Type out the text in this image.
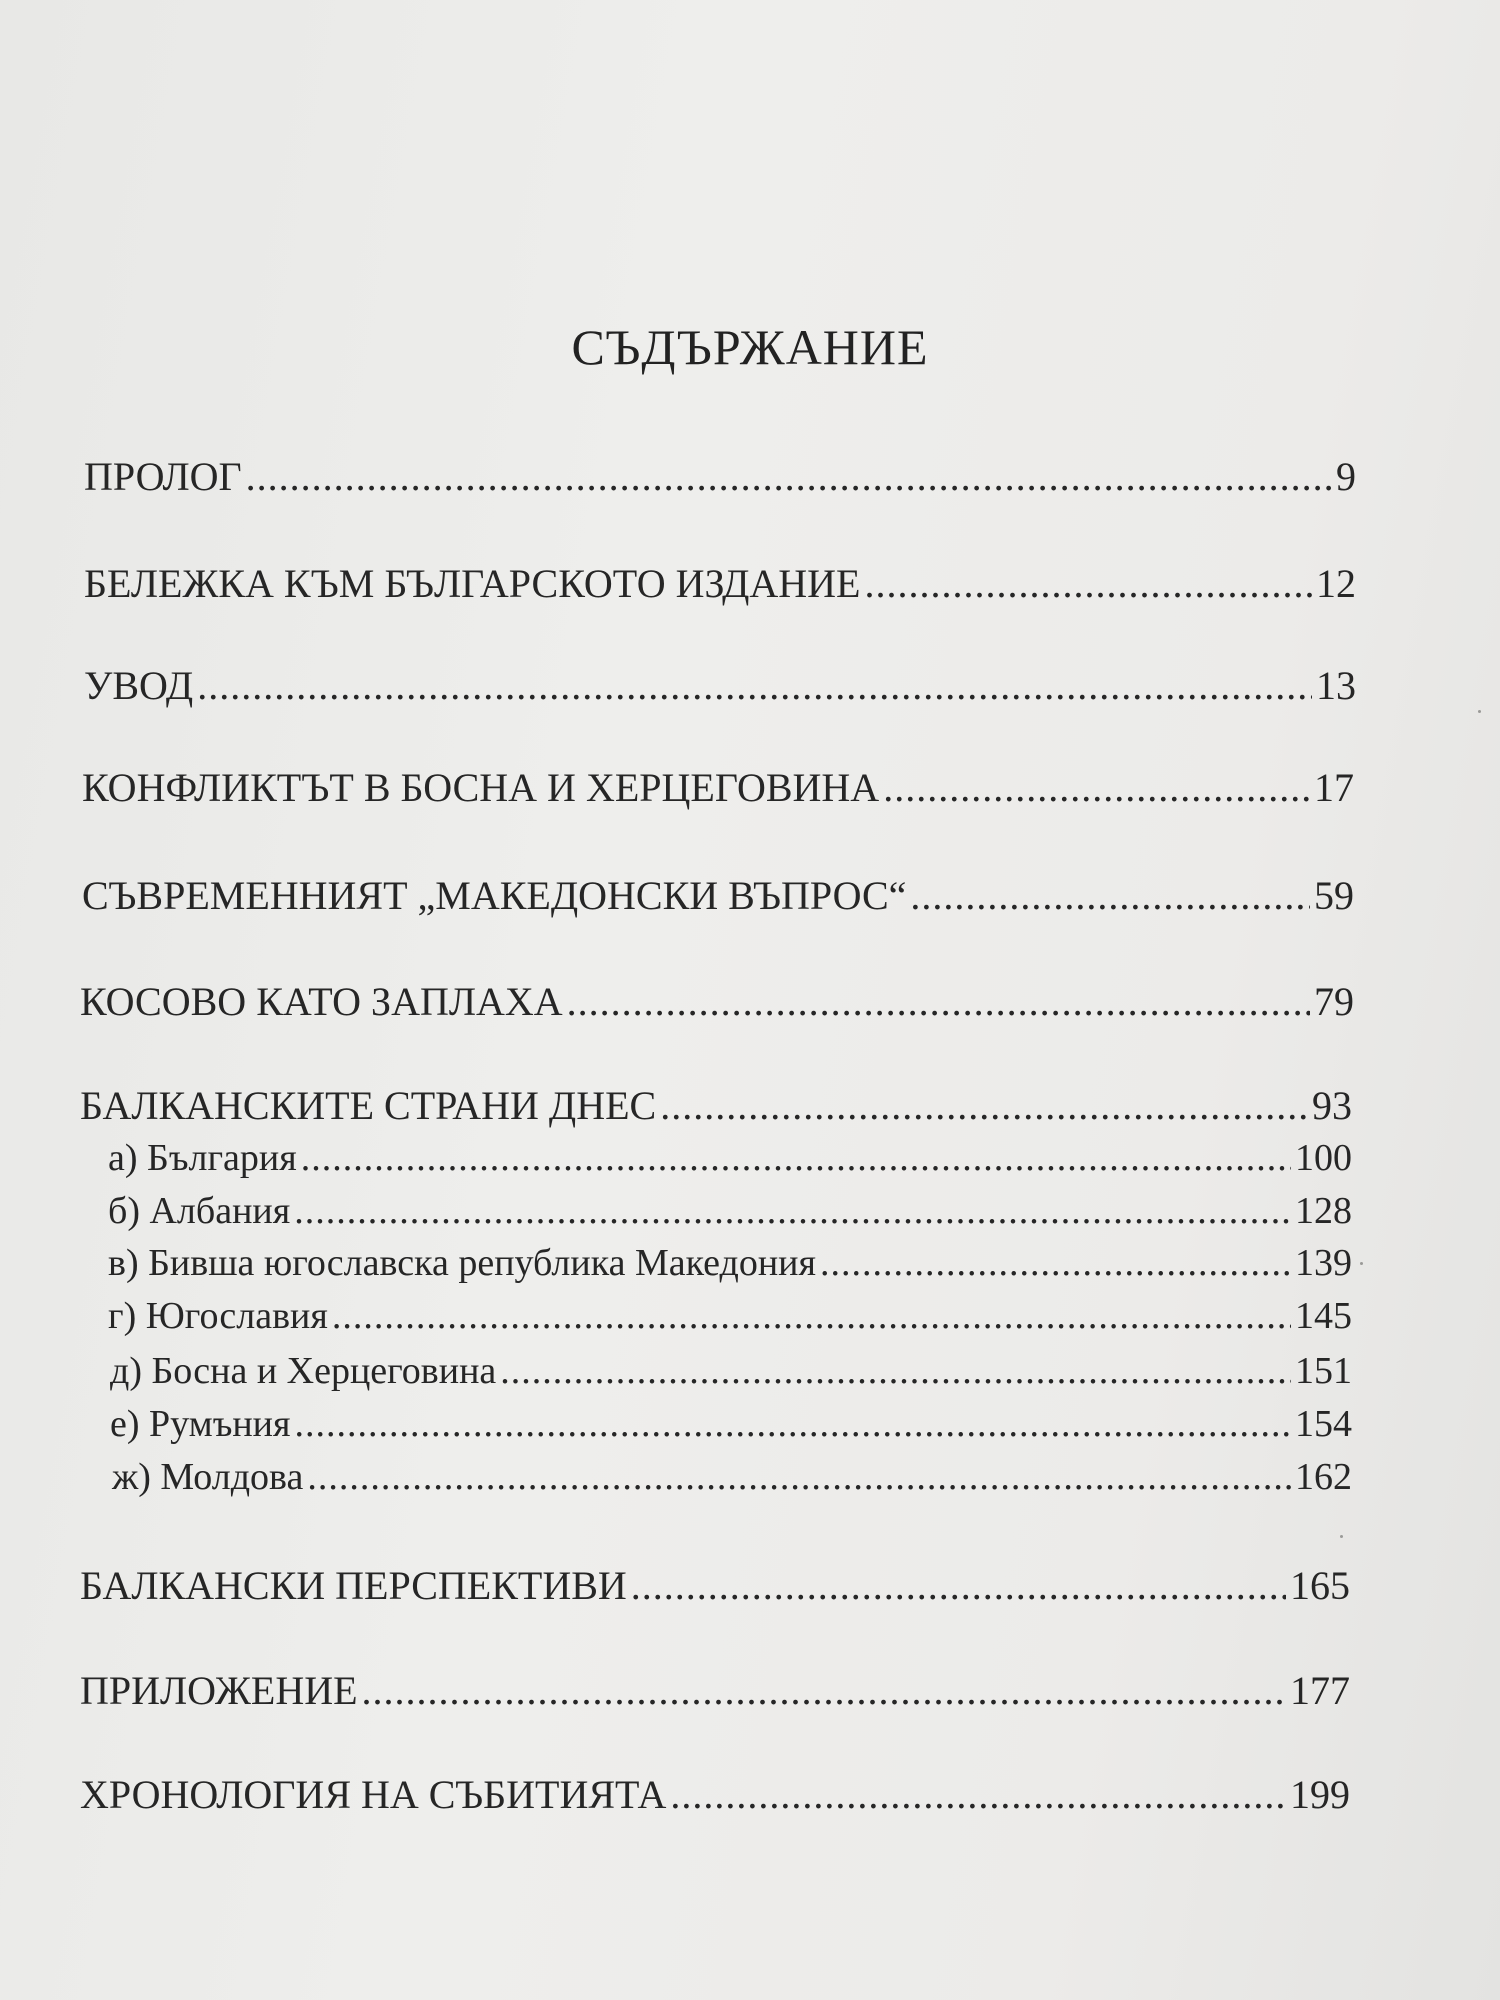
СЪДЪРЖАНИЕ
ПРОЛОГ .....	9
БЕЛЕЖКА КЪМ БЪЛГАРСКОТО ИЗДАНИЕ .....	12
УВОД .....	13
КОНФЛИКТЪТ В БОСНА И ХЕРЦЕГОВИНА .....	17
СЪВРЕМЕННИЯТ „МАКЕДОНСКИ ВЪПРОС“ .....	59
КОСОВО КАТО ЗАПЛАХА .....	79
БАЛКАНСКИТЕ СТРАНИ ДНЕС .....	93
а) България .....	100
б) Албания .....	128
в) Бивша югославска република Македония .....	139
г) Югославия .....	145
д) Босна и Херцеговина .....	151
е) Румъния .....	154
ж) Молдова .....	162
БАЛКАНСКИ ПЕРСПЕКТИВИ .....	165
ПРИЛОЖЕНИЕ .....	177
ХРОНОЛОГИЯ НА СЪБИТИЯТА .....	199
